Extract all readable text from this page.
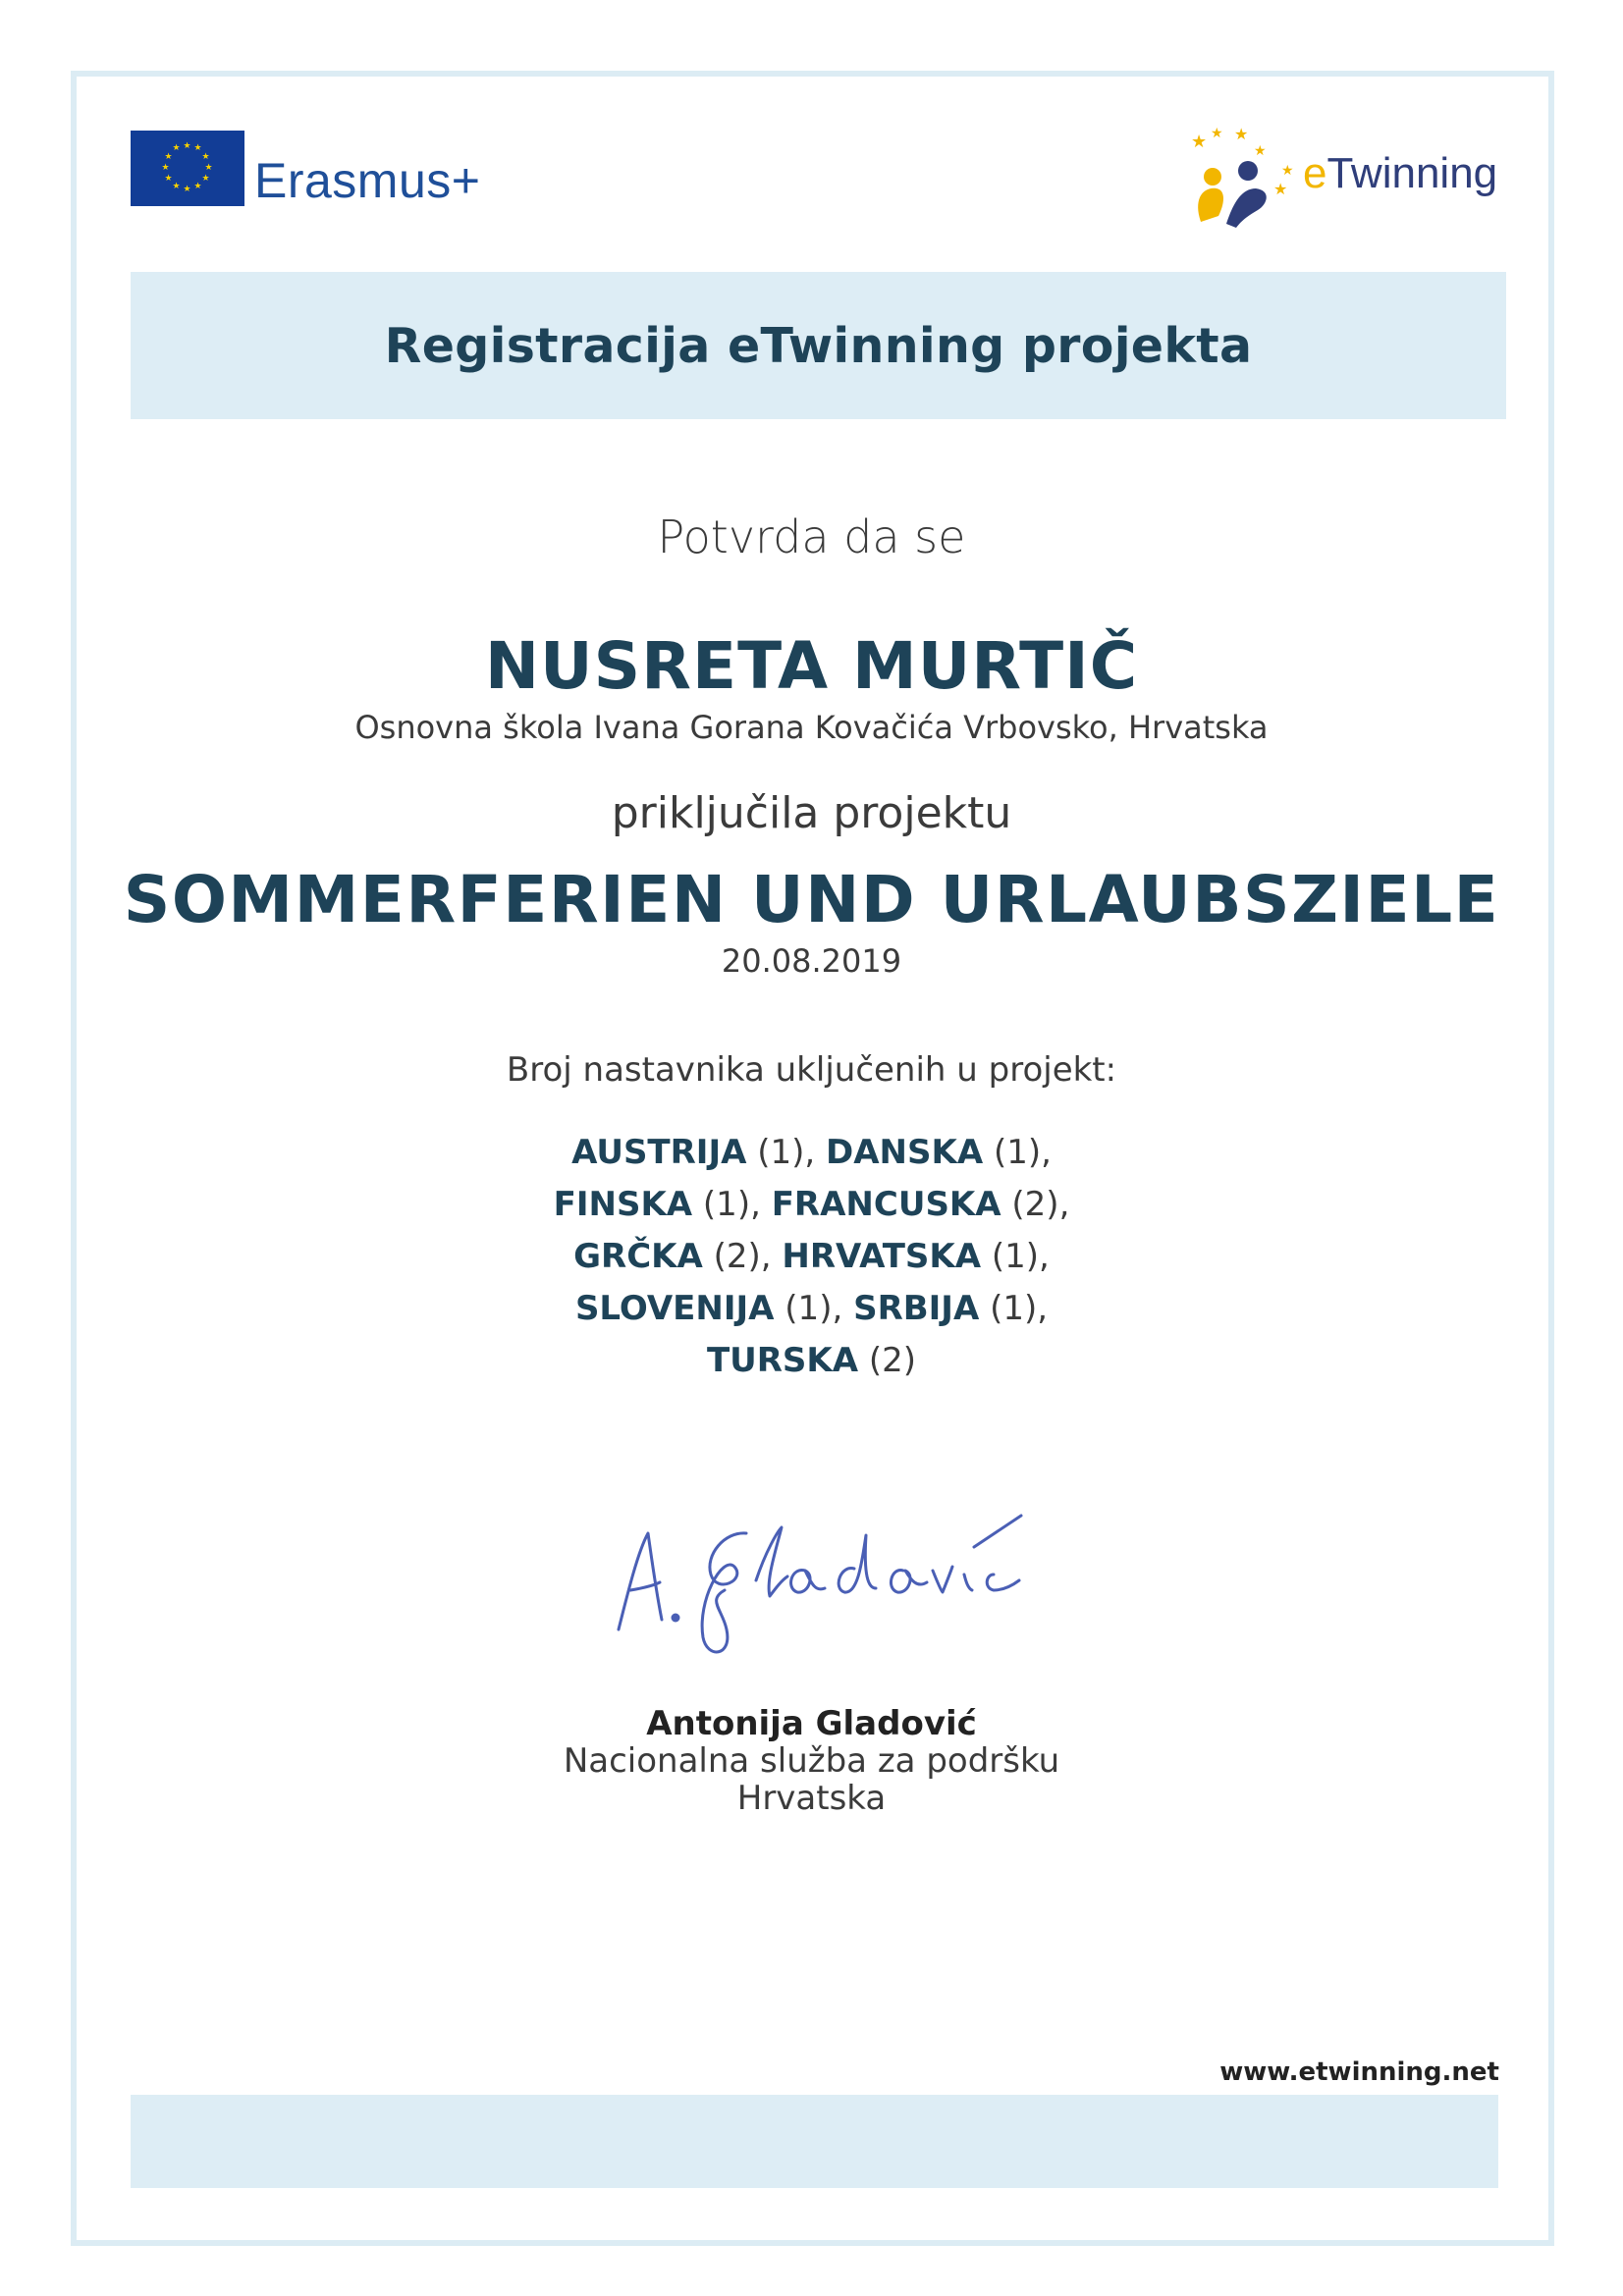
★ ★
★
★
★
★
★
★
★
★
★
★
Erasmus+
★ ★ ★
★
★
★ eTwinning
Registracija eTwinning projekta
Potvrda da se
NUSRETA MURTIČ
Osnovna škola Ivana Gorana Kovačića Vrbovsko, Hrvatska
priključila projektu
SOMMERFERIEN UND URLAUBSZIELE
20.08.2019
Broj nastavnika uključenih u projekt:
AUSTRIJA (1), DANSKA (1),
FINSKA (1), FRANCUSKA (2),
GRČKA (2), HRVATSKA (1),
SLOVENIJA (1), SRBIJA (1),
TURSKA (2)
Antonija Gladović
Nacionalna služba za podršku
Hrvatska
www.etwinning.net
